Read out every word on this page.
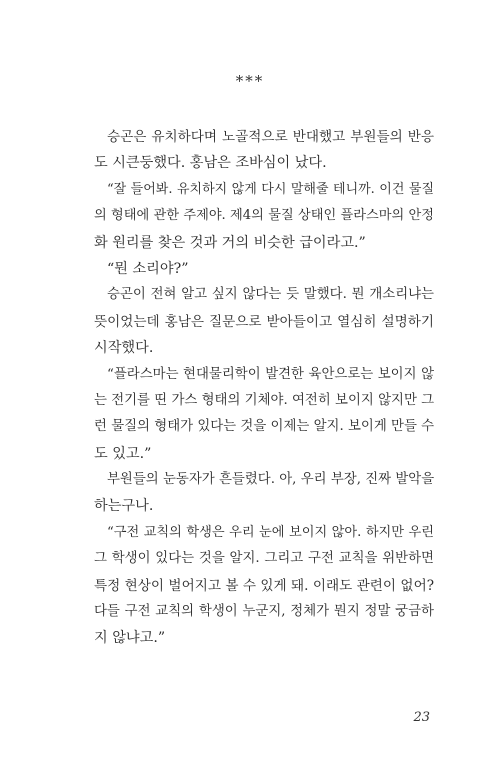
***
승곤은 유치하다며 노골적으로 반대했고 부원들의 반응
도 시큰둥했다. 홍남은 조바심이 났다.
“잘 들어봐. 유치하지 않게 다시 말해줄 테니까. 이건 물질
의 형태에 관한 주제야. 제4의 물질 상태인 플라스마의 안정
화 원리를 찾은 것과 거의 비슷한 급이라고.”
“뭔 소리야?”
승곤이 전혀 알고 싶지 않다는 듯 말했다. 뭔 개소리냐는
뜻이었는데 홍남은 질문으로 받아들이고 열심히 설명하기
시작했다.
“플라스마는 현대물리학이 발견한 육안으로는 보이지 않
는 전기를 띤 가스 형태의 기체야. 여전히 보이지 않지만 그
런 물질의 형태가 있다는 것을 이제는 알지. 보이게 만들 수
도 있고.”
부원들의 눈동자가 흔들렸다. 아, 우리 부장, 진짜 발악을
하는구나.
“구전 교칙의 학생은 우리 눈에 보이지 않아. 하지만 우린
그 학생이 있다는 것을 알지. 그리고 구전 교칙을 위반하면
특정 현상이 벌어지고 볼 수 있게 돼. 이래도 관련이 없어?
다들 구전 교칙의 학생이 누군지, 정체가 뭔지 정말 궁금하
지 않냐고.”
23
